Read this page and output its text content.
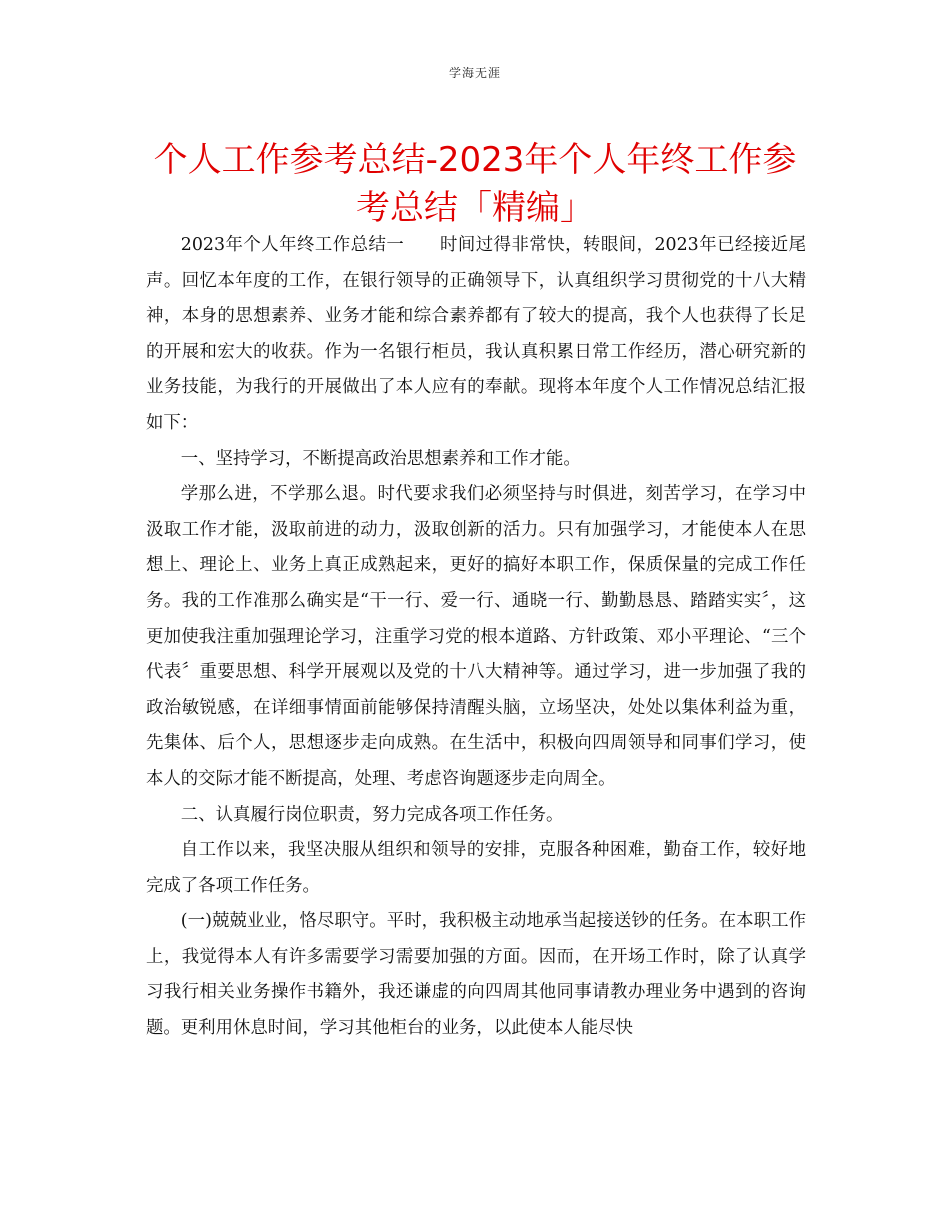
学海无涯
个人工作参考总结-2023年个人年终工作参考总结「精编」

2023年个人年终工作总结一　　时间过得非常快，转眼间，2023年已经接近尾声。回忆本年度的工作，在银行领导的正确领导下，认真组织学习贯彻党的十八大精神，本身的思想素养、业务才能和综合素养都有了较大的提高，我个人也获得了长足的开展和宏大的收获。作为一名银行柜员，我认真积累日常工作经历，潜心研究新的业务技能，为我行的开展做出了本人应有的奉献。现将本年度个人工作情况总结汇报如下：

一、坚持学习，不断提高政治思想素养和工作才能。

学那么进，不学那么退。时代要求我们必须坚持与时俱进，刻苦学习，在学习中汲取工作才能，汲取前进的动力，汲取创新的活力。只有加强学习，才能使本人在思想上、理论上、业务上真正成熟起来，更好的搞好本职工作，保质保量的完成工作任务。我的工作准那么确实是“干一行、爱一行、通晓一行、勤勤恳恳、踏踏实实〞，这更加使我注重加强理论学习，注重学习党的根本道路、方针政策、邓小平理论、“三个代表〞重要思想、科学开展观以及党的十八大精神等。通过学习，进一步加强了我的政治敏锐感，在详细事情面前能够保持清醒头脑，立场坚决，处处以集体利益为重，先集体、后个人，思想逐步走向成熟。在生活中，积极向四周领导和同事们学习，使本人的交际才能不断提高，处理、考虑咨询题逐步走向周全。

二、认真履行岗位职责，努力完成各项工作任务。

自工作以来，我坚决服从组织和领导的安排，克服各种困难，勤奋工作，较好地完成了各项工作任务。

(一)兢兢业业，恪尽职守。平时，我积极主动地承当起接送钞的任务。在本职工作上，我觉得本人有许多需要学习需要加强的方面。因而，在开场工作时，除了认真学习我行相关业务操作书籍外，我还谦虚的向四周其他同事请教办理业务中遇到的咨询题。更利用休息时间，学习其他柜台的业务，以此使本人能尽快
